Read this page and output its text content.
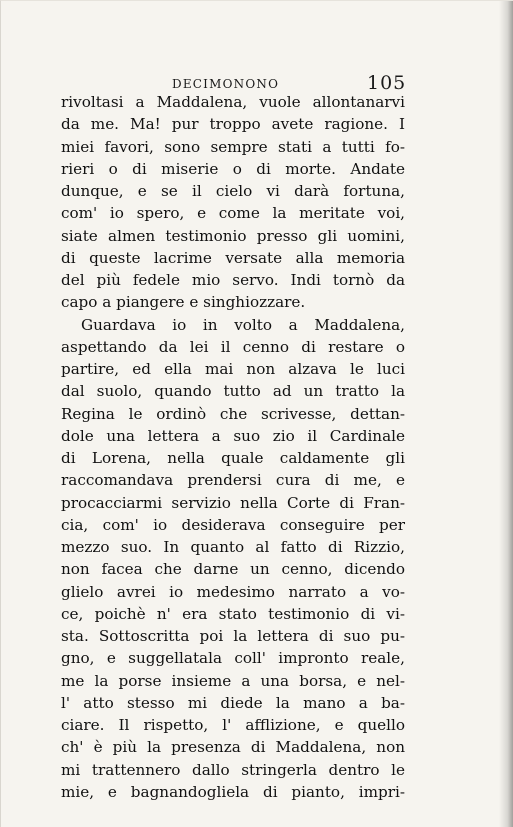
DECIMONONO	105
rivoltasi a Maddalena, vuole allontanarvi
da me. Ma! pur troppo avete ragione. I
miei favori, sono sempre stati a tutti fo-
rieri o di miserie o di morte. Andate
dunque, e se il cielo vi darà fortuna,
com' io spero, e come la meritate voi,
siate almen testimonio presso gli uomini,
di queste lacrime versate alla memoria
del più fedele mio servo. Indi tornò da
capo a piangere e singhiozzare.
Guardava io in volto a Maddalena,
aspettando da lei il cenno di restare o
partire, ed ella mai non alzava le luci
dal suolo, quando tutto ad un tratto la
Regina le ordinò che scrivesse, dettan-
dole una lettera a suo zio il Cardinale
di Lorena, nella quale caldamente gli
raccomandava prendersi cura di me, e
procacciarmi servizio nella Corte di Fran-
cia, com' io desiderava conseguire per
mezzo suo. In quanto al fatto di Rizzio,
non facea che darne un cenno, dicendo
glielo avrei io medesimo narrato a vo-
ce, poichè n' era stato testimonio di vi-
sta. Sottoscritta poi la lettera di suo pu-
gno, e suggellatala coll' impronto reale,
me la porse insieme a una borsa, e nel-
l' atto stesso mi diede la mano a ba-
ciare. Il rispetto, l' afflizione, e quello
ch' è più la presenza di Maddalena, non
mi trattennero dallo stringerla dentro le
mie, e bagnandogliela di pianto, impri-
